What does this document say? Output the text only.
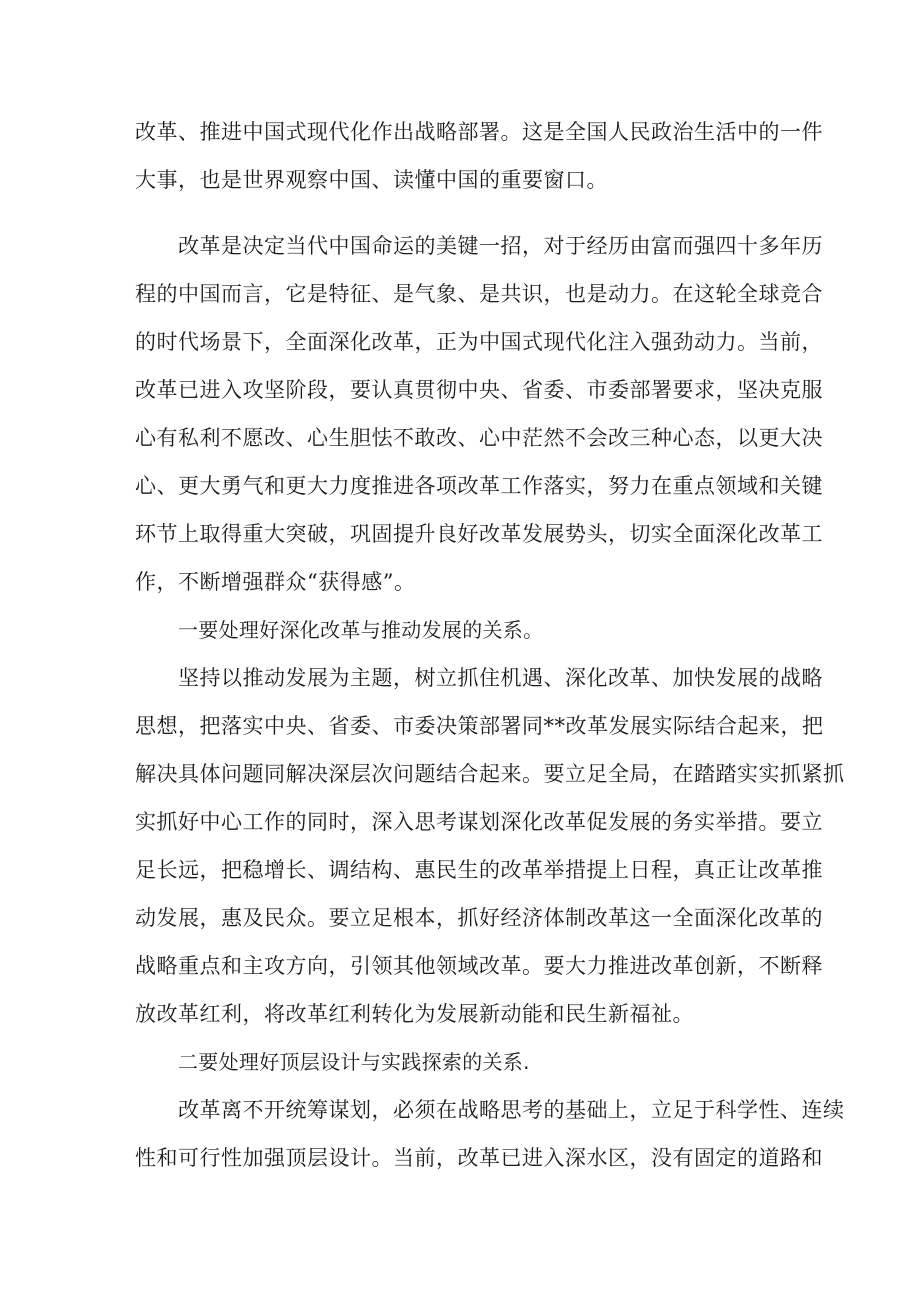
改革、推进中国式现代化作出战略部署。这是全国人民政治生活中的一件
大事，也是世界观察中国、读懂中国的重要窗口。
改革是决定当代中国命运的美键一招，对于经历由富而强四十多年历
程的中国而言，它是特征、是气象、是共识，也是动力。在这轮全球竞合
的时代场景下，全面深化改革，正为中国式现代化注入强劲动力。当前，
改革已进入攻坚阶段，要认真贯彻中央、省委、市委部署要求，坚决克服
心有私利不愿改、心生胆怯不敢改、心中茫然不会改三种心态，以更大决
心、更大勇气和更大力度推进各项改革工作落实，努力在重点领域和关键
环节上取得重大突破，巩固提升良好改革发展势头，切实全面深化改革工
作，不断增强群众“获得感”。
一要处理好深化改革与推动发展的关系。
坚持以推动发展为主题，树立抓住机遇、深化改革、加快发展的战略
思想，把落实中央、省委、市委决策部署同**改革发展实际结合起来，把
解决具体问题同解决深层次问题结合起来。要立足全局，在踏踏实实抓紧抓
实抓好中心工作的同时，深入思考谋划深化改革促发展的务实举措。要立
足长远，把稳增长、调结构、惠民生的改革举措提上日程，真正让改革推
动发展，惠及民众。要立足根本，抓好经济体制改革这一全面深化改革的
战略重点和主攻方向，引领其他领域改革。要大力推进改革创新，不断释
放改革红利，将改革红利转化为发展新动能和民生新福祉。
二要处理好顶层设计与实践探索的关系.
改革离不开统筹谋划，必须在战略思考的基础上，立足于科学性、连续
性和可行性加强顶层设计。当前，改革已进入深水区，没有固定的道路和
